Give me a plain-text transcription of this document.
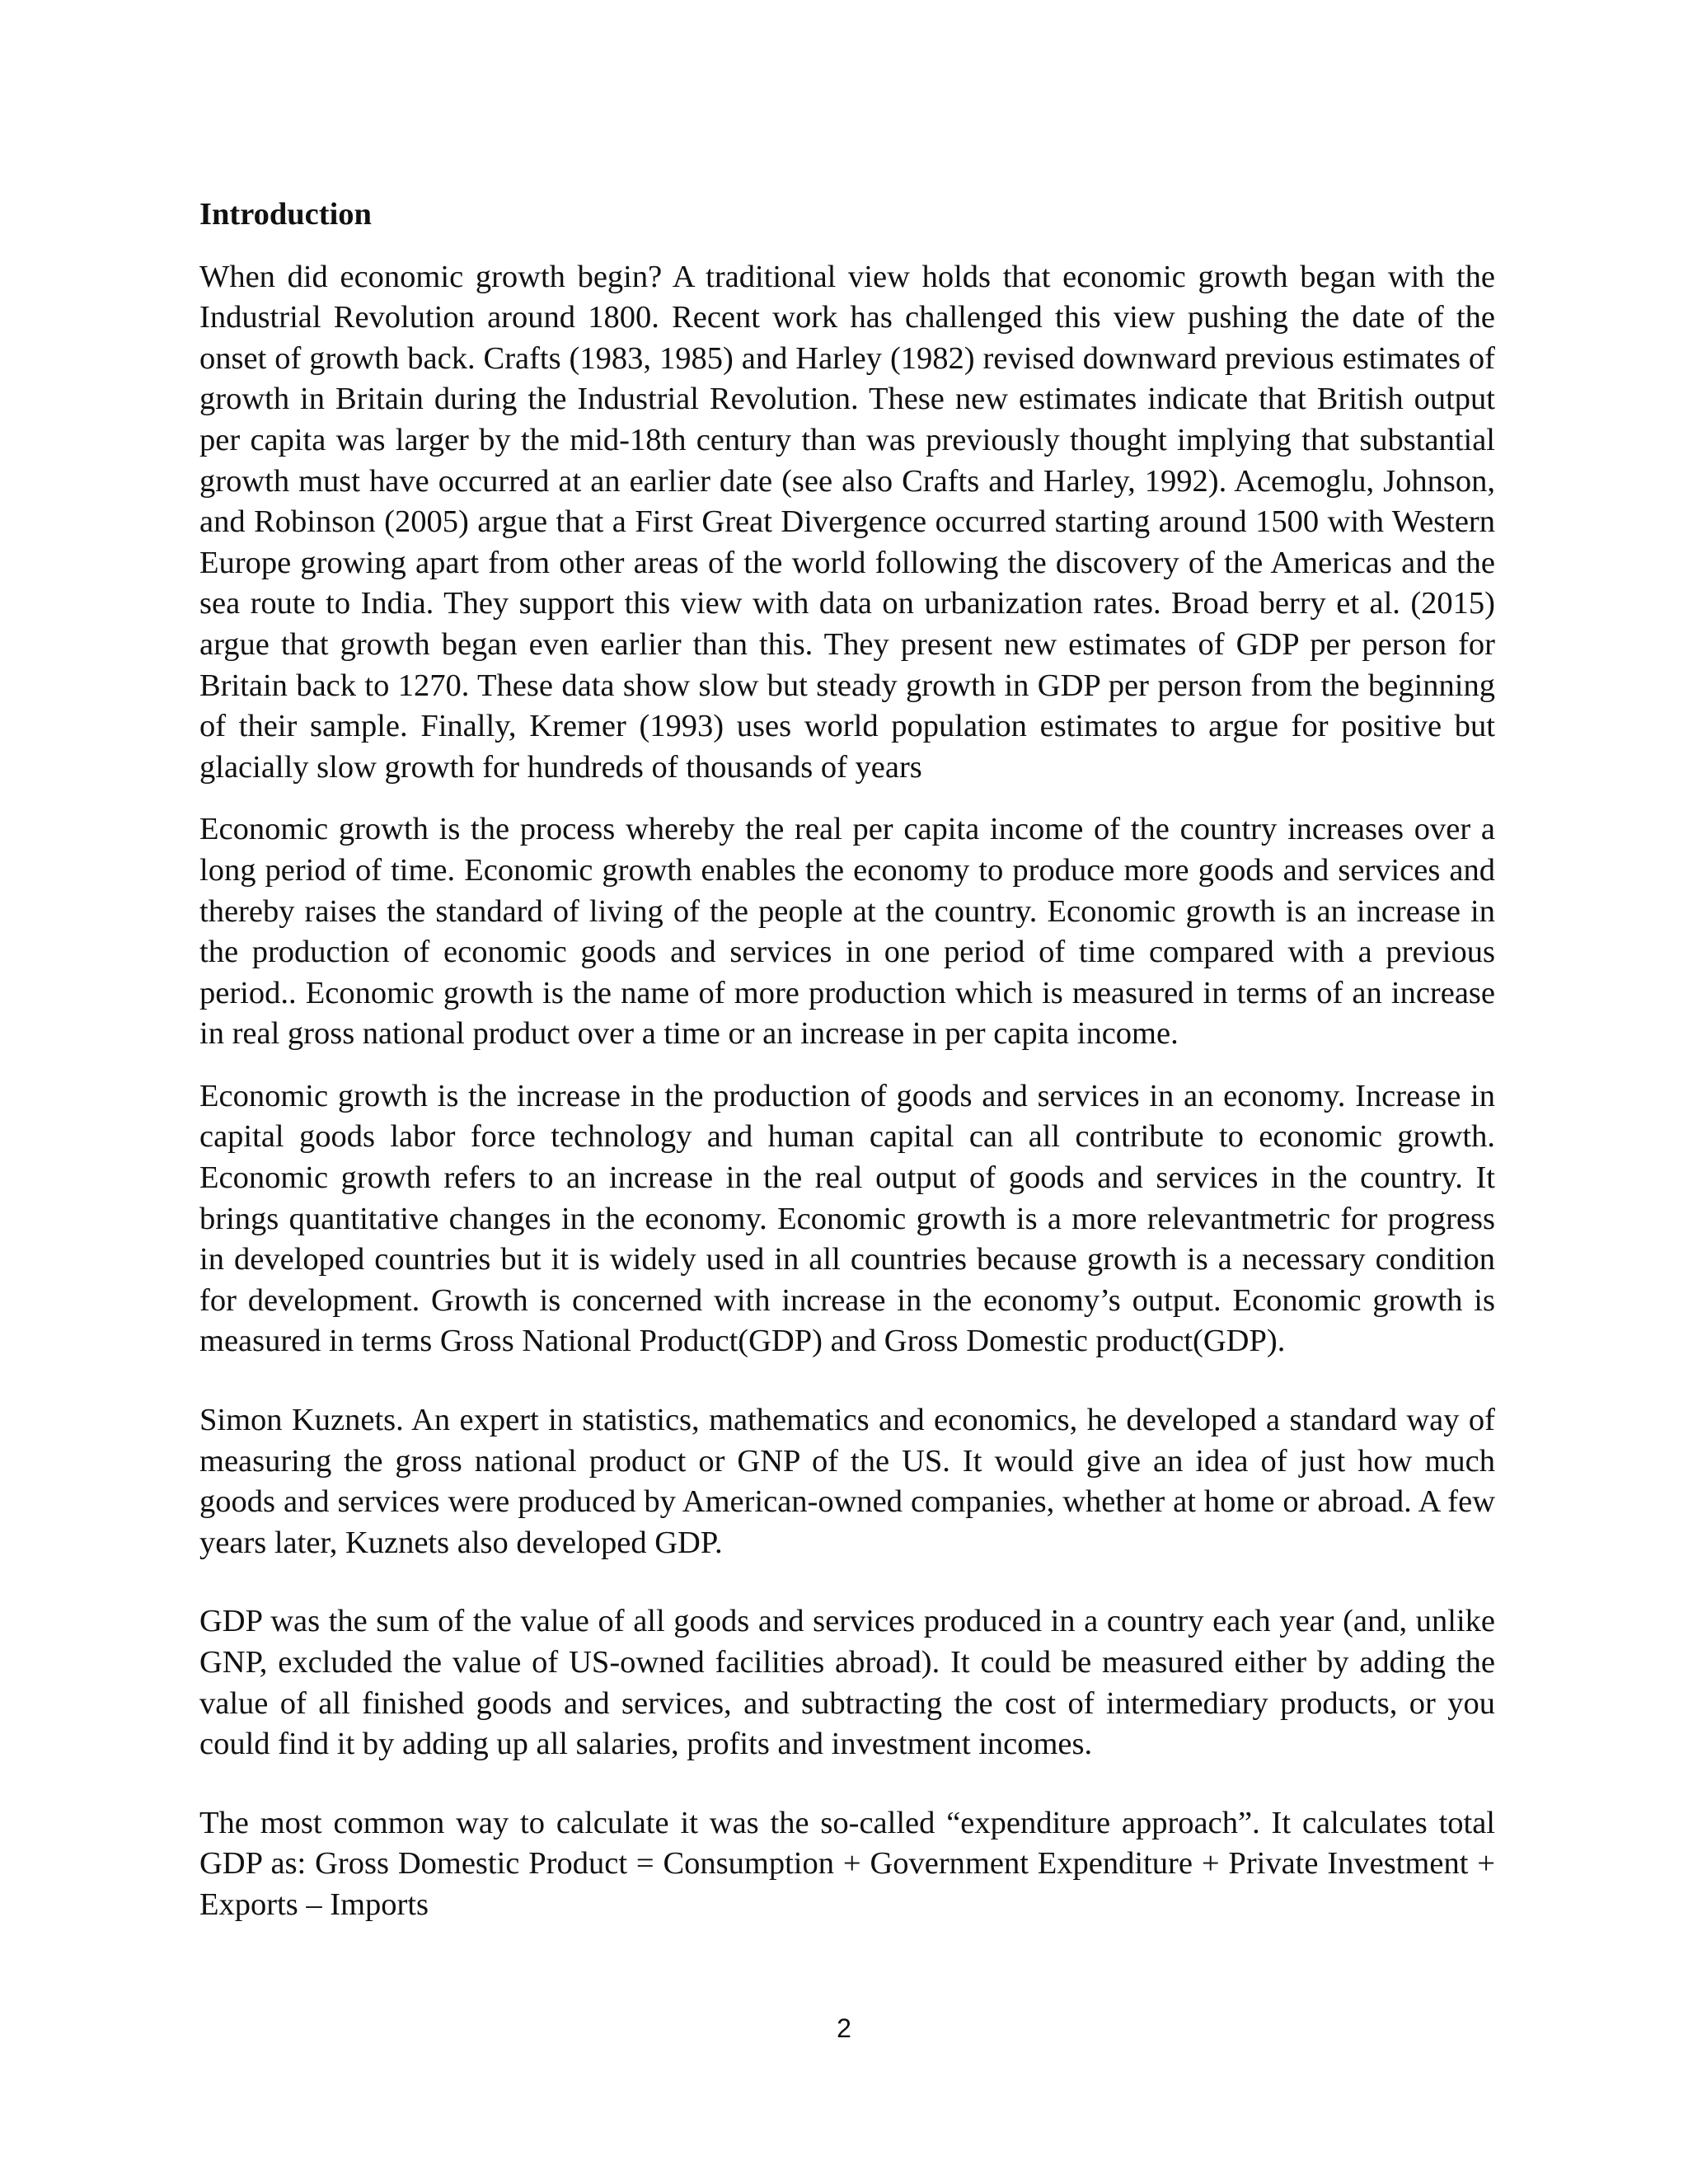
Introduction

When did economic growth begin? A traditional view holds that economic growth began with the Industrial Revolution around 1800. Recent work has challenged this view pushing the date of the onset of growth back. Crafts (1983, 1985) and Harley (1982) revised downward previous estimates of growth in Britain during the Industrial Revolution. These new estimates indicate that British output per capita was larger by the mid-18th century than was previously thought implying that substantial growth must have occurred at an earlier date (see also Crafts and Harley, 1992). Acemoglu, Johnson, and Robinson (2005) argue that a First Great Divergence occurred starting around 1500 with Western Europe growing apart from other areas of the world following the discovery of the Americas and the sea route to India. They support this view with data on urbanization rates. Broad berry et al. (2015) argue that growth began even earlier than this. They present new estimates of GDP per person for Britain back to 1270. These data show slow but steady growth in GDP per person from the beginning of their sample. Finally, Kremer (1993) uses world population estimates to argue for positive but glacially slow growth for hundreds of thousands of years

Economic growth is the process whereby the real per capita income of the country increases over a long period of time. Economic growth enables the economy to produce more goods and services and thereby raises the standard of living of the people at the country. Economic growth is an increase in the production of economic goods and services in one period of time compared with a previous period.. Economic growth is the name of more production which is measured in terms of an increase in real gross national product over a time or an increase in per capita income.

Economic growth is the increase in the production of goods and services in an economy. Increase in capital goods labor force technology and human capital can all contribute to economic growth. Economic growth refers to an increase in the real output of goods and services in the country. It brings quantitative changes in the economy. Economic growth is a more relevantmetric for progress in developed countries but it is widely used in all countries because growth is a necessary condition for development. Growth is concerned with increase in the economy’s output. Economic growth is measured in terms Gross National Product(GDP) and Gross Domestic product(GDP).

Simon Kuznets. An expert in statistics, mathematics and economics, he developed a standard way of measuring the gross national product or GNP of the US. It would give an idea of just how much goods and services were produced by American-owned companies, whether at home or abroad. A few years later, Kuznets also developed GDP.

GDP was the sum of the value of all goods and services produced in a country each year (and, unlike GNP, excluded the value of US-owned facilities abroad). It could be measured either by adding the value of all finished goods and services, and subtracting the cost of intermediary products, or you could find it by adding up all salaries, profits and investment incomes.

The most common way to calculate it was the so-called “expenditure approach”. It calculates total GDP as: Gross Domestic Product = Consumption + Government Expenditure + Private Investment + Exports – Imports

2
